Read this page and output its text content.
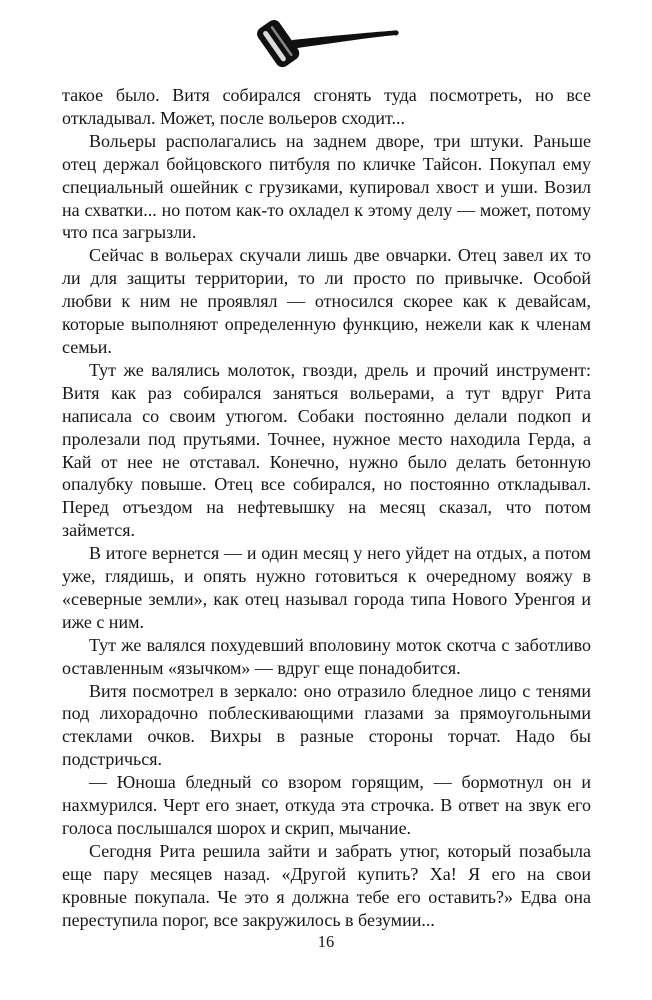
такое было. Витя собирался сгонять туда посмотреть, но все откладывал. Может, после вольеров сходит...

Вольеры располагались на заднем дворе, три штуки. Раньше отец держал бойцовского питбуля по кличке Тайсон. Покупал ему специальный ошейник с грузиками, купировал хвост и уши. Возил на схватки... но потом как-то охладел к этому делу — может, потому что пса загрызли.

Сейчас в вольерах скучали лишь две овчарки. Отец завел их то ли для защиты территории, то ли просто по привычке. Особой любви к ним не проявлял — относился скорее как к девайсам, которые выполняют определенную функцию, нежели как к членам семьи.

Тут же валялись молоток, гвозди, дрель и прочий инструмент: Витя как раз собирался заняться вольерами, а тут вдруг Рита написала со своим утюгом. Собаки постоянно делали подкоп и пролезали под прутьями. Точнее, нужное место находила Герда, а Кай от нее не отставал. Конечно, нужно было делать бетонную опалубку повыше. Отец все собирался, но постоянно откладывал. Перед отъездом на нефтевышку на месяц сказал, что потом займется.

В итоге вернется — и один месяц у него уйдет на отдых, а потом уже, глядишь, и опять нужно готовиться к очередному вояжу в «северные земли», как отец называл города типа Нового Уренгоя и иже с ним.

Тут же валялся похудевший вполовину моток скотча с заботливо оставленным «язычком» — вдруг еще понадобится.

Витя посмотрел в зеркало: оно отразило бледное лицо с тенями под лихорадочно поблескивающими глазами за прямоугольными стеклами очков. Вихры в разные стороны торчат. Надо бы подстричься.

— Юноша бледный со взором горящим, — бормотнул он и нахмурился. Черт его знает, откуда эта строчка. В ответ на звук его голоса послышался шорох и скрип, мычание.

Сегодня Рита решила зайти и забрать утюг, который позабыла еще пару месяцев назад. «Другой купить? Ха! Я его на свои кровные покупала. Че это я должна тебе его оставить?» Едва она переступила порог, все закружилось в безумии...

16
